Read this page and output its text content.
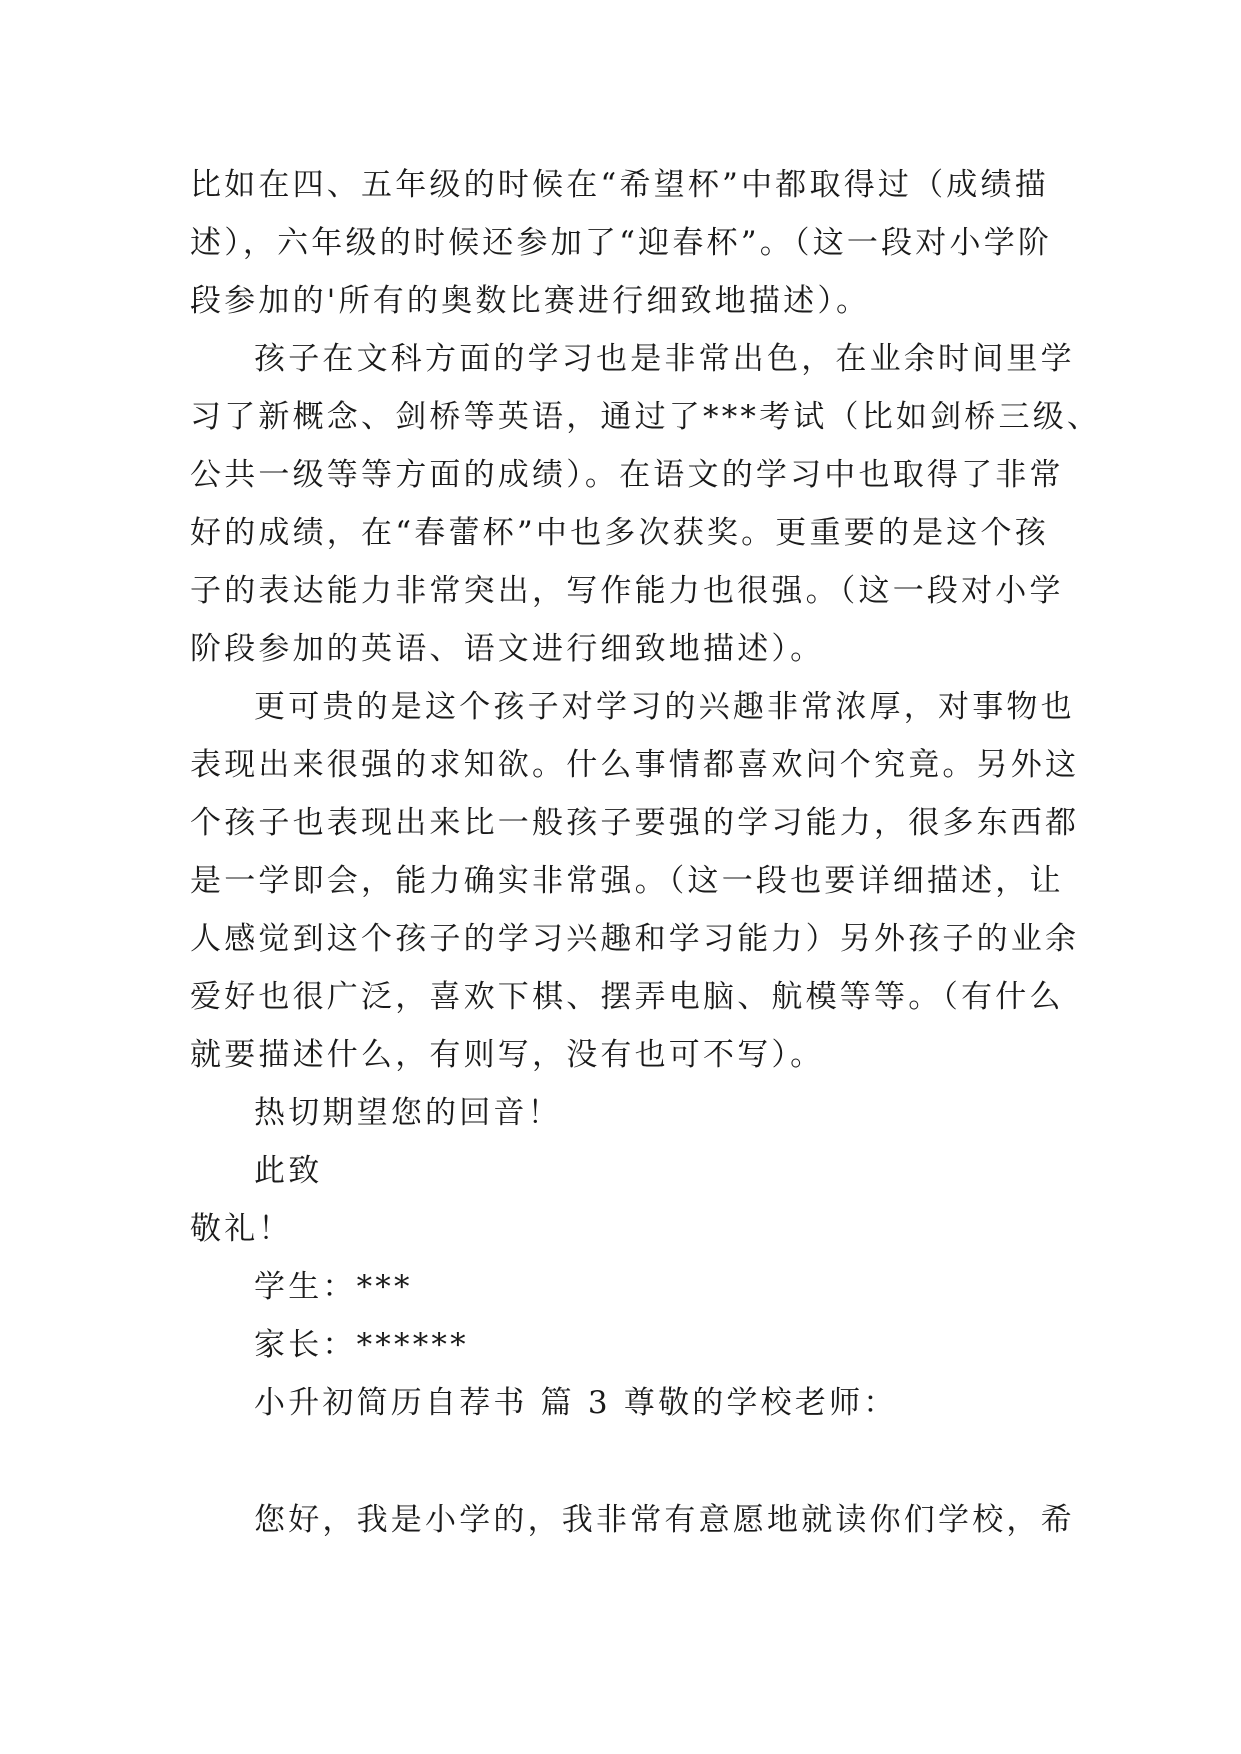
比如在四、五年级的时候在“希望杯”中都取得过（成绩描
述），六年级的时候还参加了“迎春杯”。（这一段对小学阶
段参加的'所有的奥数比赛进行细致地描述）。
孩子在文科方面的学习也是非常出色，在业余时间里学
习了新概念、剑桥等英语，通过了***考试（比如剑桥三级、
公共一级等等方面的成绩）。在语文的学习中也取得了非常
好的成绩，在“春蕾杯”中也多次获奖。更重要的是这个孩
子的表达能力非常突出，写作能力也很强。（这一段对小学
阶段参加的英语、语文进行细致地描述）。
更可贵的是这个孩子对学习的兴趣非常浓厚，对事物也
表现出来很强的求知欲。什么事情都喜欢问个究竟。另外这
个孩子也表现出来比一般孩子要强的学习能力，很多东西都
是一学即会，能力确实非常强。（这一段也要详细描述，让
人感觉到这个孩子的学习兴趣和学习能力）另外孩子的业余
爱好也很广泛，喜欢下棋、摆弄电脑、航模等等。（有什么
就要描述什么，有则写，没有也可不写）。
热切期望您的回音！
此致
敬礼！
学生：***
家长：******
小升初简历自荐书 篇 3 尊敬的学校老师：
您好，我是小学的，我非常有意愿地就读你们学校，希
